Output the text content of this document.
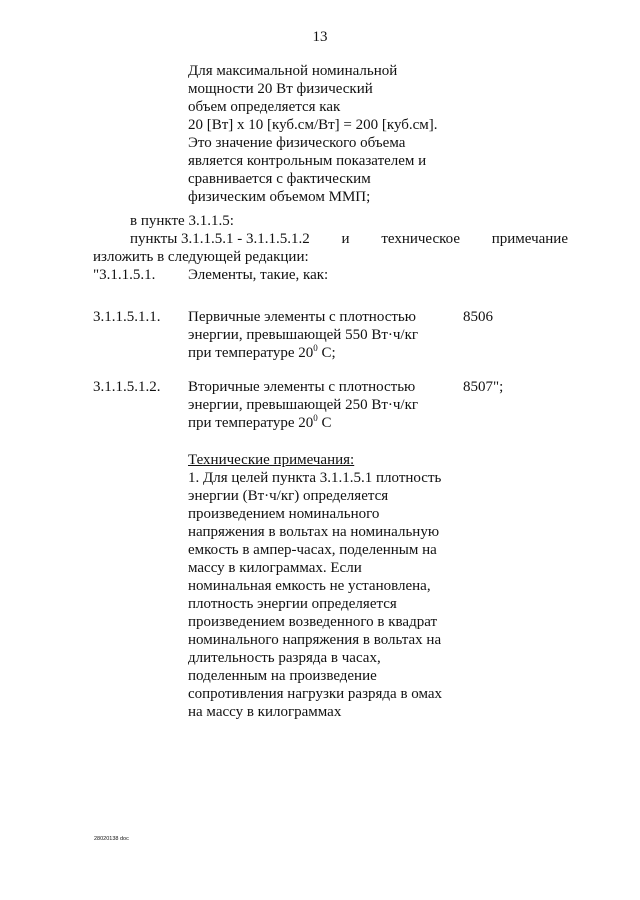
13
Для максимальной номинальной
мощности 20 Вт физический
объем определяется как
20 [Вт] x 10 [куб.см/Вт] = 200 [куб.см].
Это значение физического объема
является контрольным показателем и
сравнивается с фактическим
физическим объемом ММП;
в пункте 3.1.1.5:
пункты 3.1.1.5.1 - 3.1.1.5.1.2 и техническое примечание
изложить в следующей редакции:
"3.1.1.5.1. Элементы, такие, как:
3.1.1.5.1.1. Первичные элементы с плотностью
энергии, превышающей 550 Вт·ч/кг
при температуре $20^0$ С;
8506
3.1.1.5.1.2. Вторичные элементы с плотностью
энергии, превышающей 250 Вт·ч/кг
при температуре $20^0$ С
8507";
Технические примечания:
1. Для целей пункта 3.1.1.5.1 плотность
энергии (Вт·ч/кг) определяется
произведением номинального
напряжения в вольтах на номинальную
емкость в ампер-часах, поделенным на
массу в килограммах. Если
номинальная емкость не установлена,
плотность энергии определяется
произведением возведенного в квадрат
номинального напряжения в вольтах на
длительность разряда в часах,
поделенным на произведение
сопротивления нагрузки разряда в омах
на массу в килограммах
28020138 doc
